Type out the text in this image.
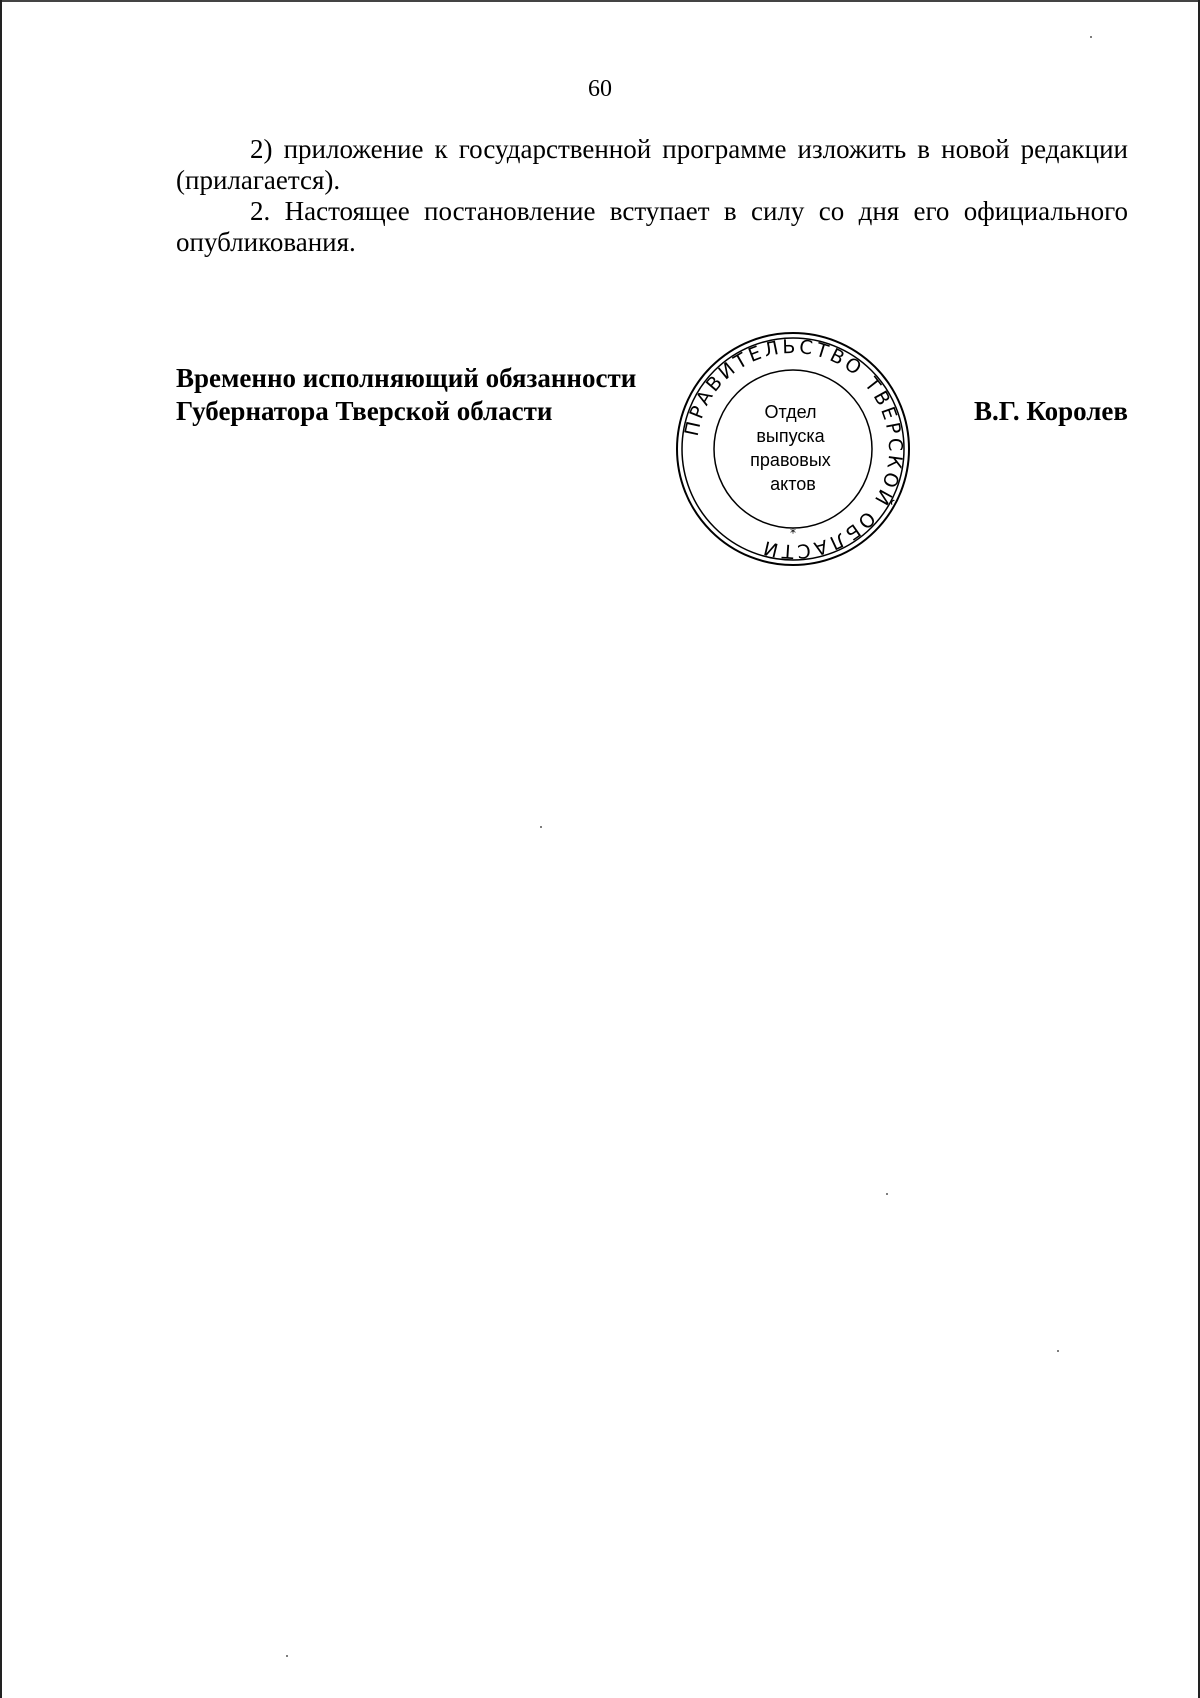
60

2) приложение к государственной программе изложить в новой редакции (прилагается).

2. Настоящее постановление вступает в силу со дня его официального опубликования.

Временно исполняющий обязанности
Губернатора Тверской области	В.Г. Королев
ПРАВИТЕЛЬСТВО ТВЕРСКОЙ ОБЛАСТИ
*
Отдел выпуска правовых актов
